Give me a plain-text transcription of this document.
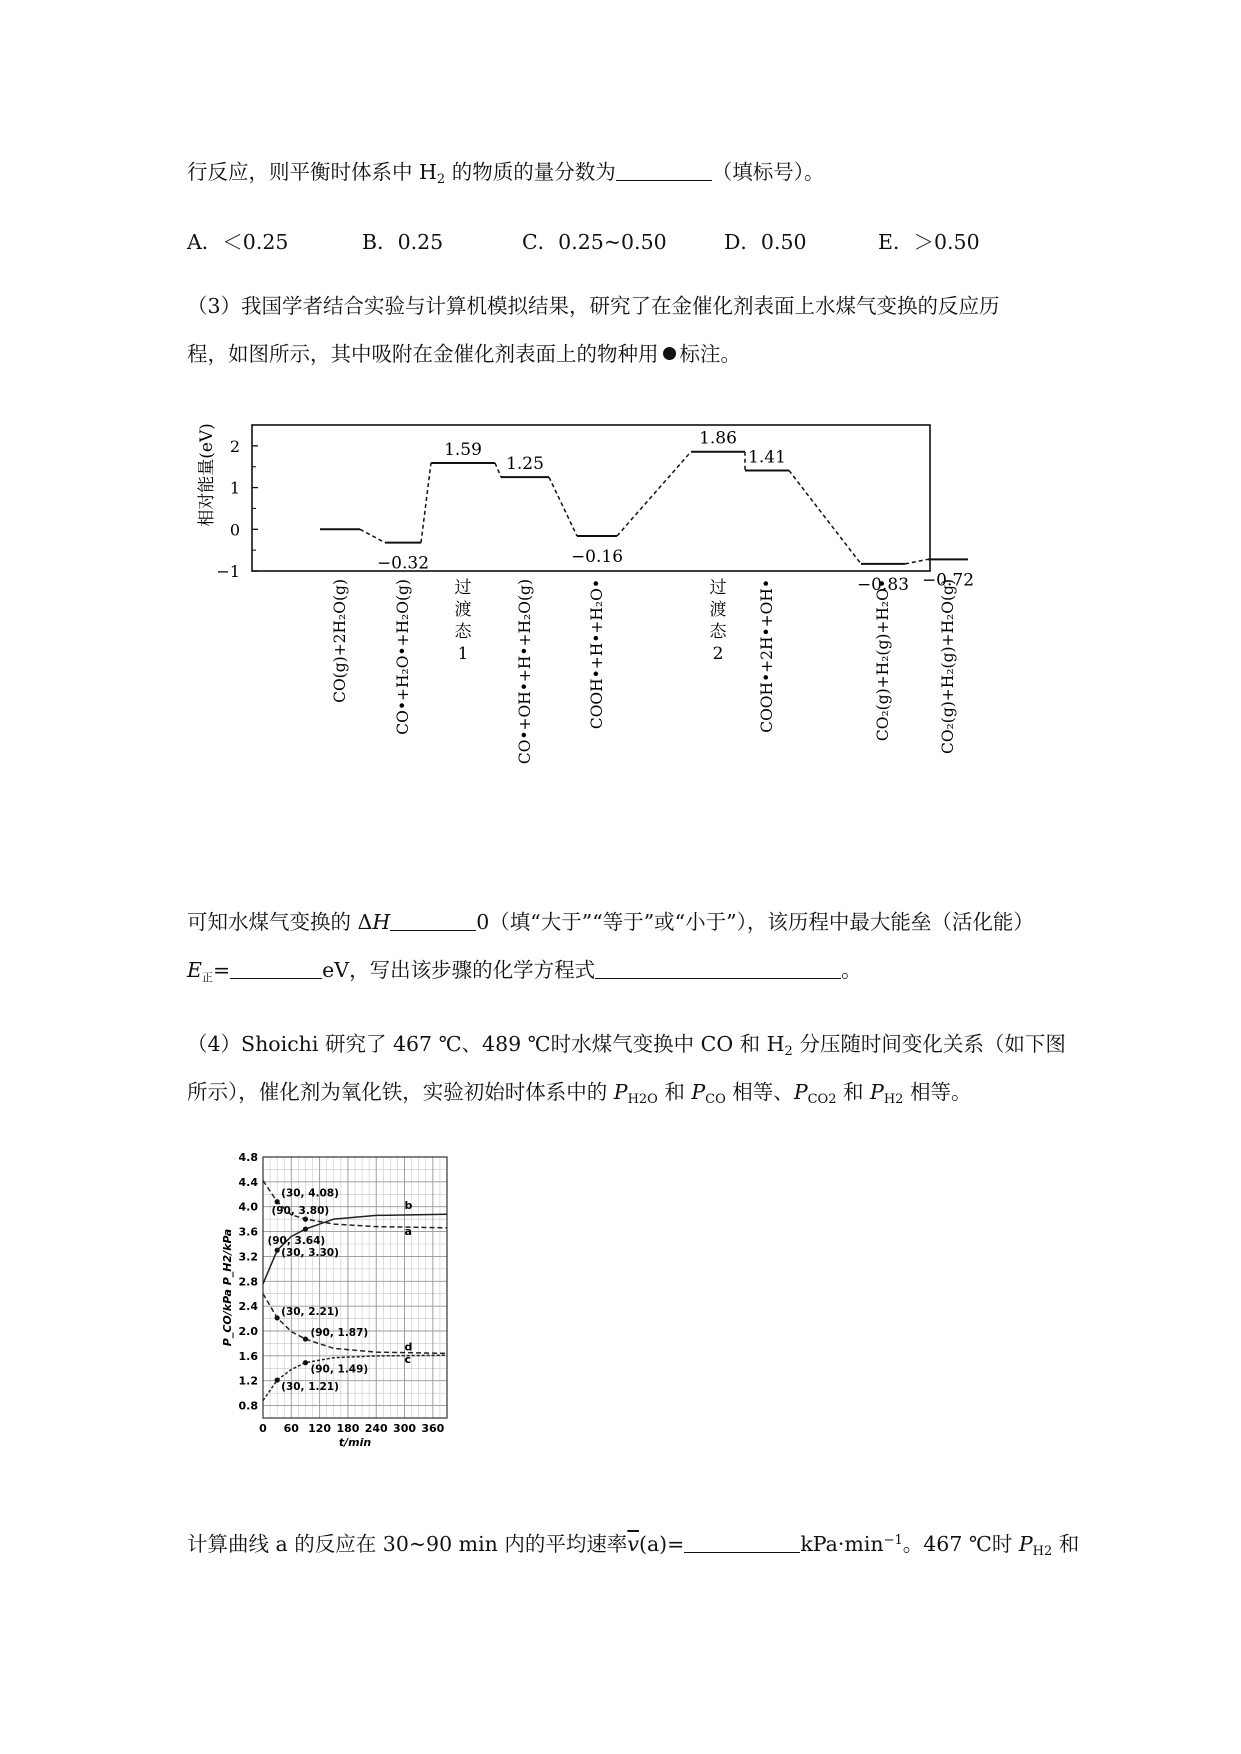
行反应，则平衡时体系中 $H_2$ 的物质的量分数为	（填标号）。
A．＜0.25	B．0.25	C．0.25~0.50	D．0.50	E．＞0.50
（3）我国学者结合实验与计算机模拟结果，研究了在金催化剂表面上水煤气变换的反应历
程，如图所示，其中吸附在金催化剂表面上的物种用 标注。
2
1
0
−1
相对能量(eV)
−0.32
1.59
1.25
−0.16
1.86
1.41
−0.83 −0.72
CO(g)+2H₂O(g)	CO•+H₂O•+H₂O(g)	过
渡
态
1	CO•+OH•+H•+H₂O(g)	COOH•+H•+H₂O•	过
渡
态
2 COOH•+2H•+OH•	CO₂(g)+H₂(g)+H₂O•	CO₂(g)+H₂(g)+H₂O(g)
可知水煤气变换的 ΔH	0（填“大于”“等于”或“小于”），该历程中最大能垒（活化能）
$E_正=$	eV，写出该步骤的化学方程式	。
（4）Shoichi 研究了 467 ℃、489 ℃时水煤气变换中 CO 和 $H_2$ 分压随时间变化关系（如下图
所示），催化剂为氧化铁，实验初始时体系中的 $P_{H2O}$ 和 $P_{CO}$ 相等、$P_{CO2}$ 和 $P_{H2}$ 相等。
0.8
1.2
1.6
2.0
2.4
2.8
3.2
3.6
4.0
4.4
4.8
0 60 120 180 240 300 360
t/min
P_CO/kPa P_H2/kPa	a
b
c
d
(30, 4.08)
(90, 3.80)
(90, 3.64)
(30, 3.30)
(30, 2.21)
(90, 1.87)
(90, 1.49)
(30, 1.21)
计算曲线 a 的反应在 30~90 min 内的平均速率$\overline{v}(a)=$	$kPa\cdot\min^{-1}$。467 ℃时 $P_{H2}$ 和
